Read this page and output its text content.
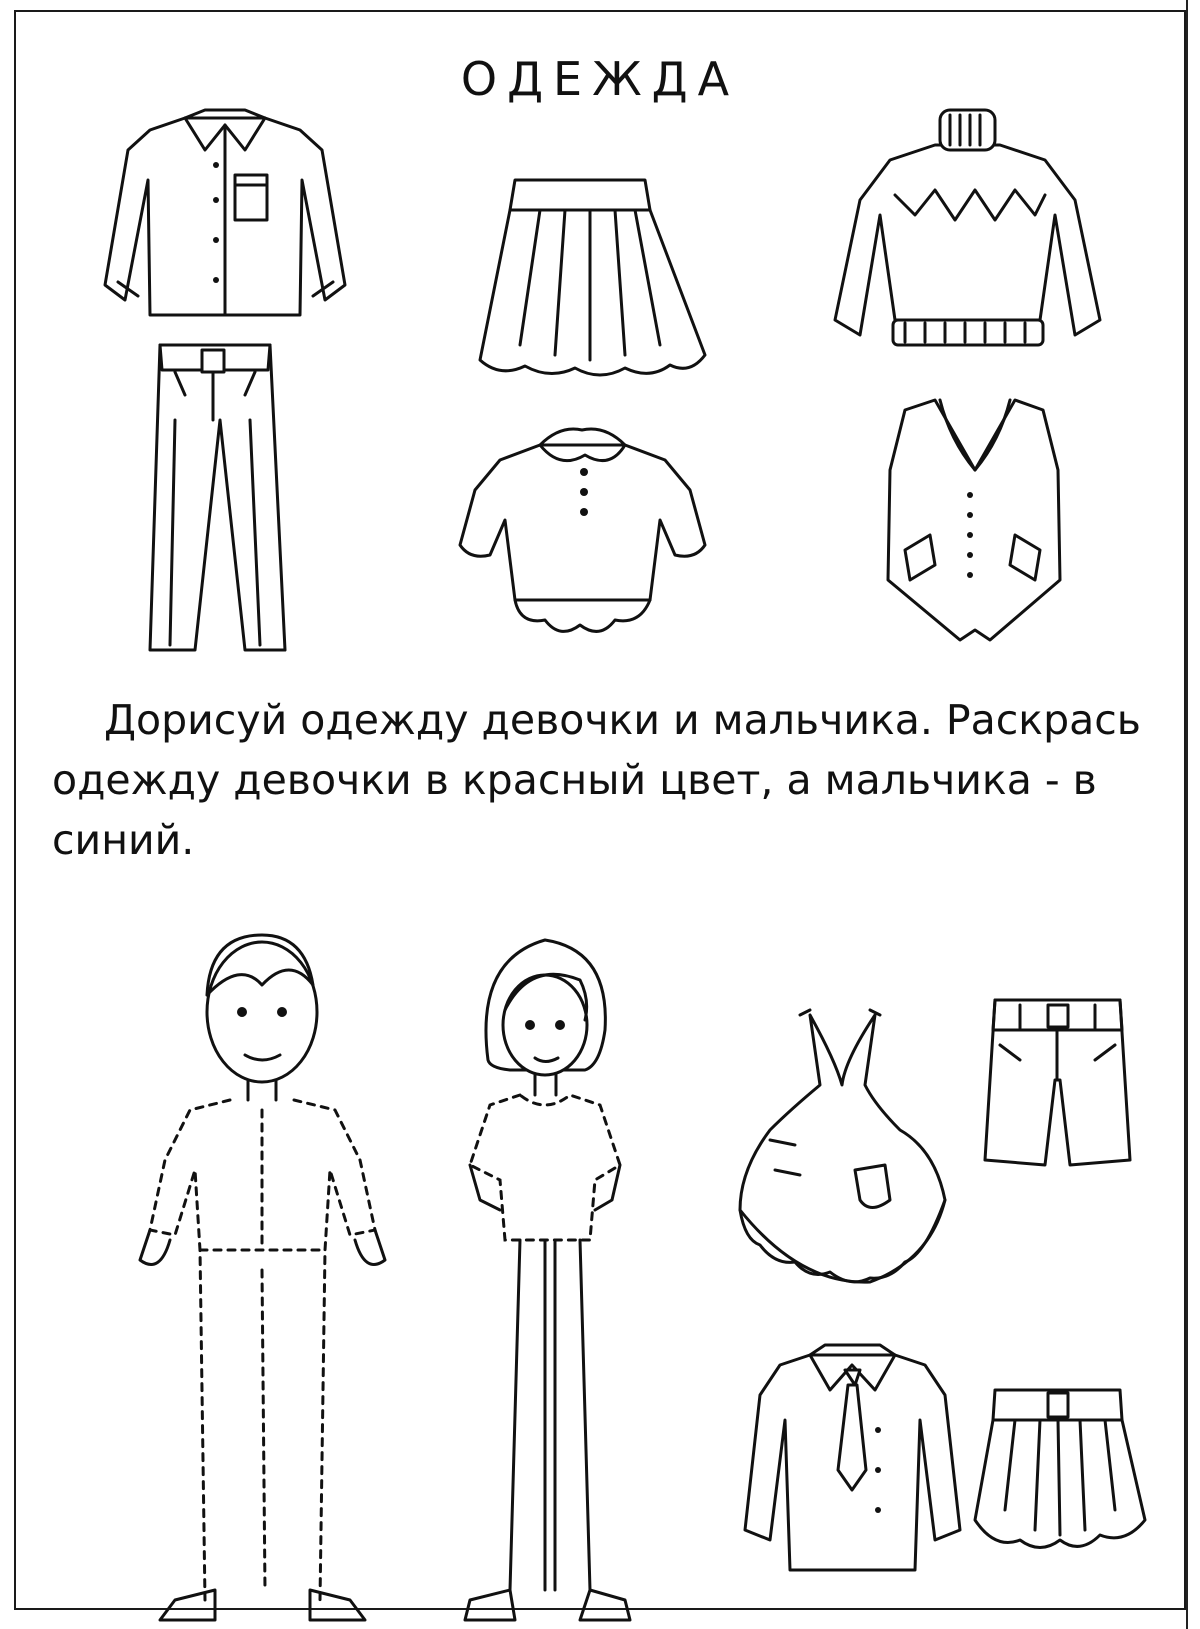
ОДЕЖДА
Дорисуй одежду девочки и мальчика. Раскрась
одежду девочки в красный цвет, а мальчика - в
синий.
